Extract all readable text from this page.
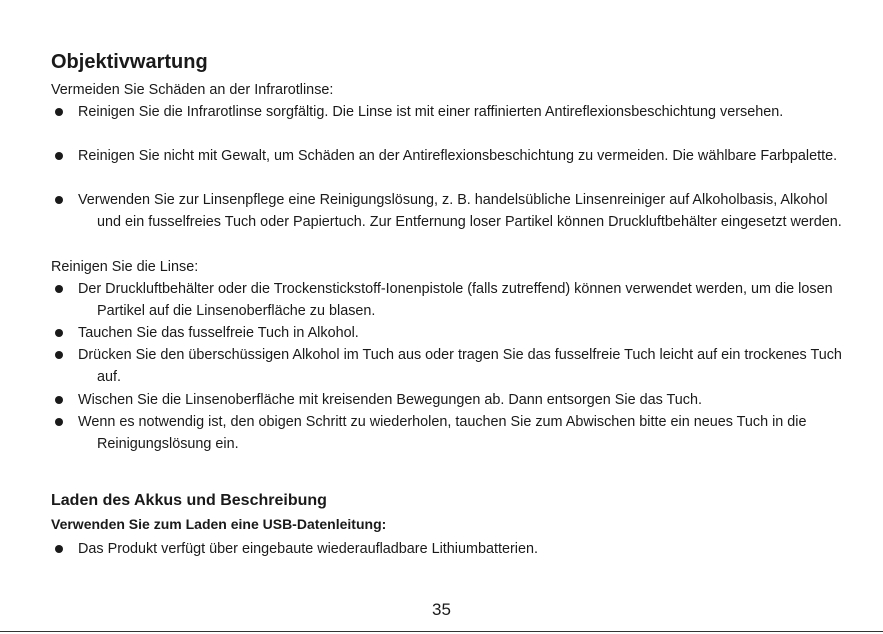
Objektivwartung
Vermeiden Sie Schäden an der Infrarotlinse:
Reinigen Sie die Infrarotlinse sorgfältig. Die Linse ist mit einer raffinierten Antireflexionsbeschichtung versehen.
Reinigen Sie nicht mit Gewalt, um Schäden an der Antireflexionsbeschichtung zu vermeiden. Die wählbare Farbpalette.
Verwenden Sie zur Linsenpflege eine Reinigungslösung, z. B. handelsübliche Linsenreiniger auf Alkoholbasis, Alkohol und ein fusselfreies Tuch oder Papiertuch. Zur Entfernung loser Partikel können Druckluftbehälter eingesetzt werden.
Reinigen Sie die Linse:
Der Druckluftbehälter oder die Trockenstickstoff-Ionenpistole (falls zutreffend) können verwendet werden, um die losen Partikel auf die Linsenoberfläche zu blasen.
Tauchen Sie das fusselfreie Tuch in Alkohol.
Drücken Sie den überschüssigen Alkohol im Tuch aus oder tragen Sie das fusselfreie Tuch leicht auf ein trockenes Tuch auf.
Wischen Sie die Linsenoberfläche mit kreisenden Bewegungen ab. Dann entsorgen Sie das Tuch.
Wenn es notwendig ist, den obigen Schritt zu wiederholen, tauchen Sie zum Abwischen bitte ein neues Tuch in die Reinigungslösung ein.
Laden des Akkus und Beschreibung
Verwenden Sie zum Laden eine USB-Datenleitung:
Das Produkt verfügt über eingebaute wiederaufladbare Lithiumbatterien.
35
